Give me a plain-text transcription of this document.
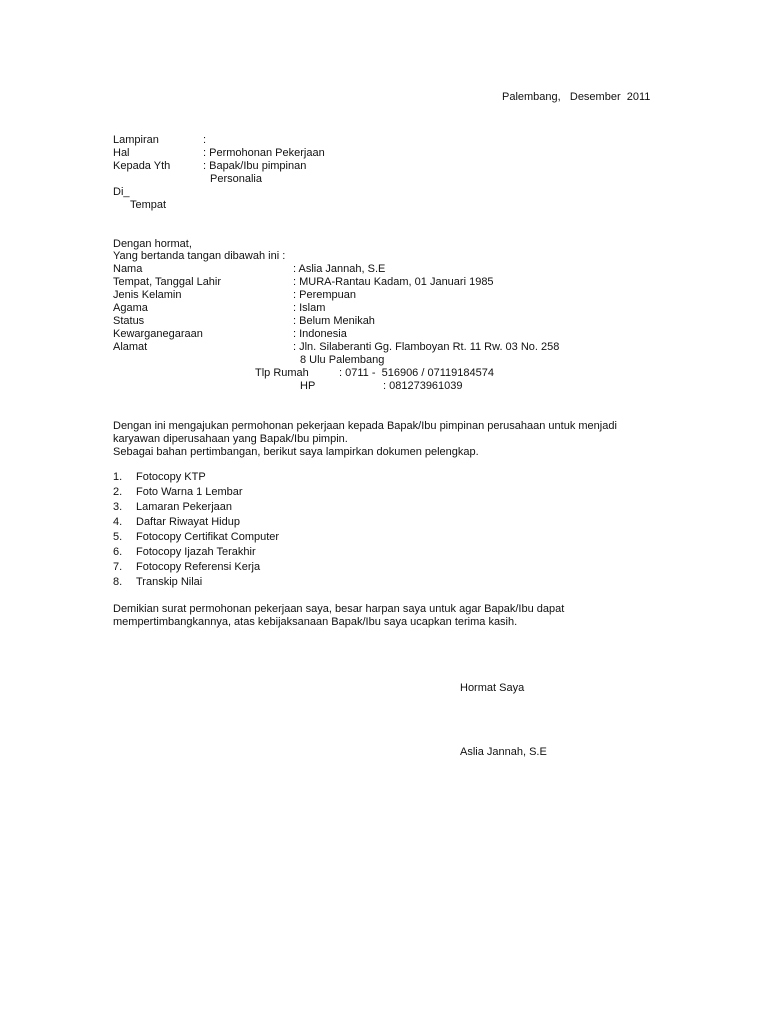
Palembang,   Desember  2011
Lampiran	:
Hal	: Permohonan Pekerjaan
Kepada Yth	: Bapak/Ibu pimpinan
Personalia
Di_
Tempat
Dengan hormat,
Yang bertanda tangan dibawah ini :
Nama	: Aslia Jannah, S.E
Tempat, Tanggal Lahir	: MURA-Rantau Kadam, 01 Januari 1985
Jenis Kelamin	: Perempuan
Agama	: Islam
Status	: Belum Menikah
Kewarganegaraan	: Indonesia
Alamat	: Jln. Silaberanti Gg. Flamboyan Rt. 11 Rw. 03 No. 258
8 Ulu Palembang
Tlp Rumah	: 0711 -  516906 / 07119184574
HP	: 081273961039
Dengan ini mengajukan permohonan pekerjaan kepada Bapak/Ibu pimpinan perusahaan untuk menjadi
karyawan diperusahaan yang Bapak/Ibu pimpin.
Sebagai bahan pertimbangan, berikut saya lampirkan dokumen pelengkap.
1. Fotocopy KTP
2. Foto Warna 1 Lembar
3. Lamaran Pekerjaan
4. Daftar Riwayat Hidup
5. Fotocopy Certifikat Computer
6. Fotocopy Ijazah Terakhir
7. Fotocopy Referensi Kerja
8. Transkip Nilai
Demikian surat permohonan pekerjaan saya, besar harpan saya untuk agar Bapak/Ibu dapat
mempertimbangkannya, atas kebijaksanaan Bapak/Ibu saya ucapkan terima kasih.
Hormat Saya
Aslia Jannah, S.E
